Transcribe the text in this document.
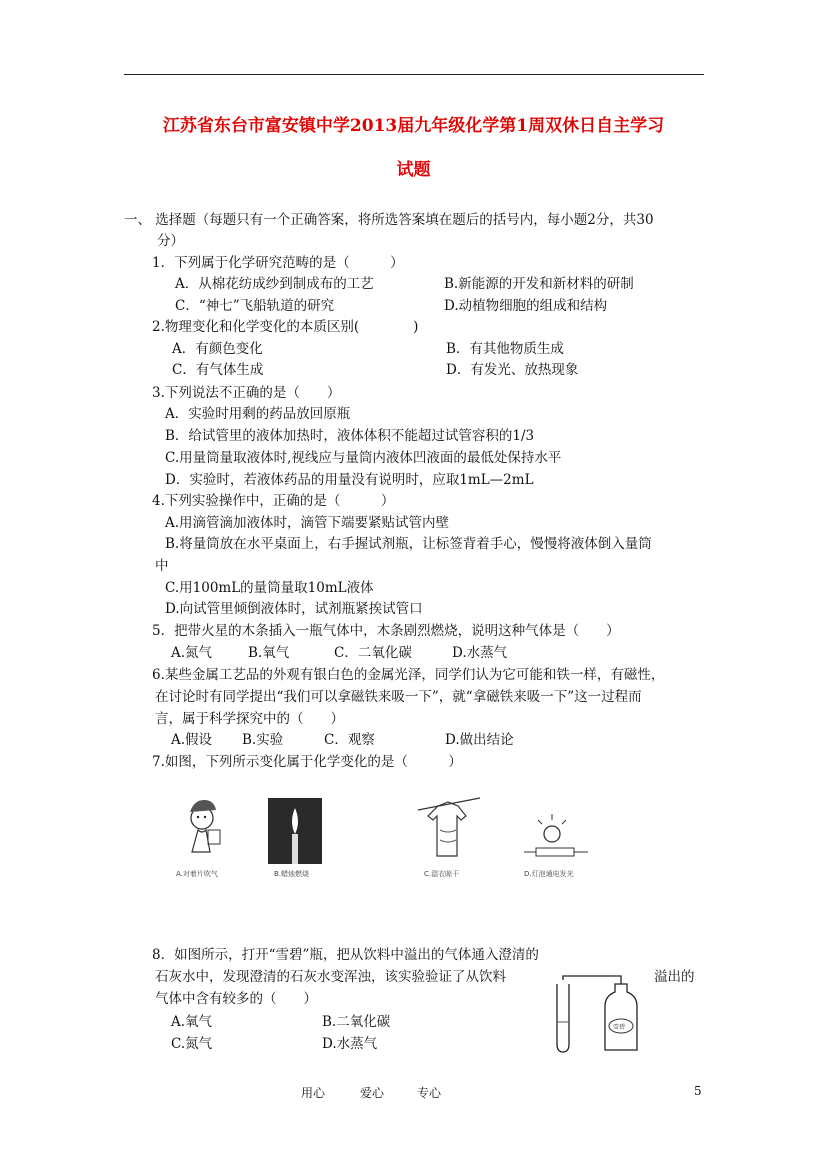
江苏省东台市富安镇中学2013届九年级化学第1周双休日自主学习
试题
一、 选择题（每题只有一个正确答案，将所选答案填在题后的括号内，每小题2分，共30
分）
1．下列属于化学研究范畴的是（　　　）
A．从棉花纺成纱到制成布的工艺	B.新能源的开发和新材料的研制
C．“神七”飞船轨道的研究	D.动植物细胞的组成和结构
2.物理变化和化学变化的本质区别(　　　　)
A．有颜色变化	B．有其他物质生成
C．有气体生成	D．有发光、放热现象
3.下列说法不正确的是（　　）
A．实验时用剩的药品放回原瓶
B．给试管里的液体加热时，液体体积不能超过试管容积的1/3
C.用量筒量取液体时,视线应与量筒内液体凹液面的最低处保持水平
D．实验时，若液体药品的用量没有说明时，应取1mL—2mL
4.下列实验操作中，正确的是（　　　）
A.用滴管滴加液体时，滴管下端要紧贴试管内壁
B.将量筒放在水平桌面上，右手握试剂瓶，让标签背着手心，慢慢将液体倒入量筒
中
C.用100mL的量筒量取10mL液体
D.向试管里倾倒液体时，试剂瓶紧挨试管口
5．把带火星的木条插入一瓶气体中，木条剧烈燃烧，说明这种气体是（　　）
A.氮气	B.氧气	C．二氧化碳	D.水蒸气
6.某些金属工艺品的外观有银白色的金属光泽，同学们认为它可能和铁一样，有磁性，
在讨论时有同学提出“我们可以拿磁铁来吸一下”，就“拿磁铁来吸一下”这一过程而
言，属于科学探究中的（　　）
A.假设 B.实验	C．观察	D.做出结论
7.如图，下列所示变化属于化学变化的是（　　　）
A.对着片吹气	B.蜡烛燃烧	C.湿衣晾干	D.灯泡通电发光
8．如图所示，打开“雪碧”瓶，把从饮料中溢出的气体通入澄清的
石灰水中，发现澄清的石灰水变浑浊，该实验验证了从饮料	溢出的
气体中含有较多的（　　）
A.氧气	B.二氧化碳
C.氮气	D.水蒸气
雪碧
用心	爱心	专心	5
